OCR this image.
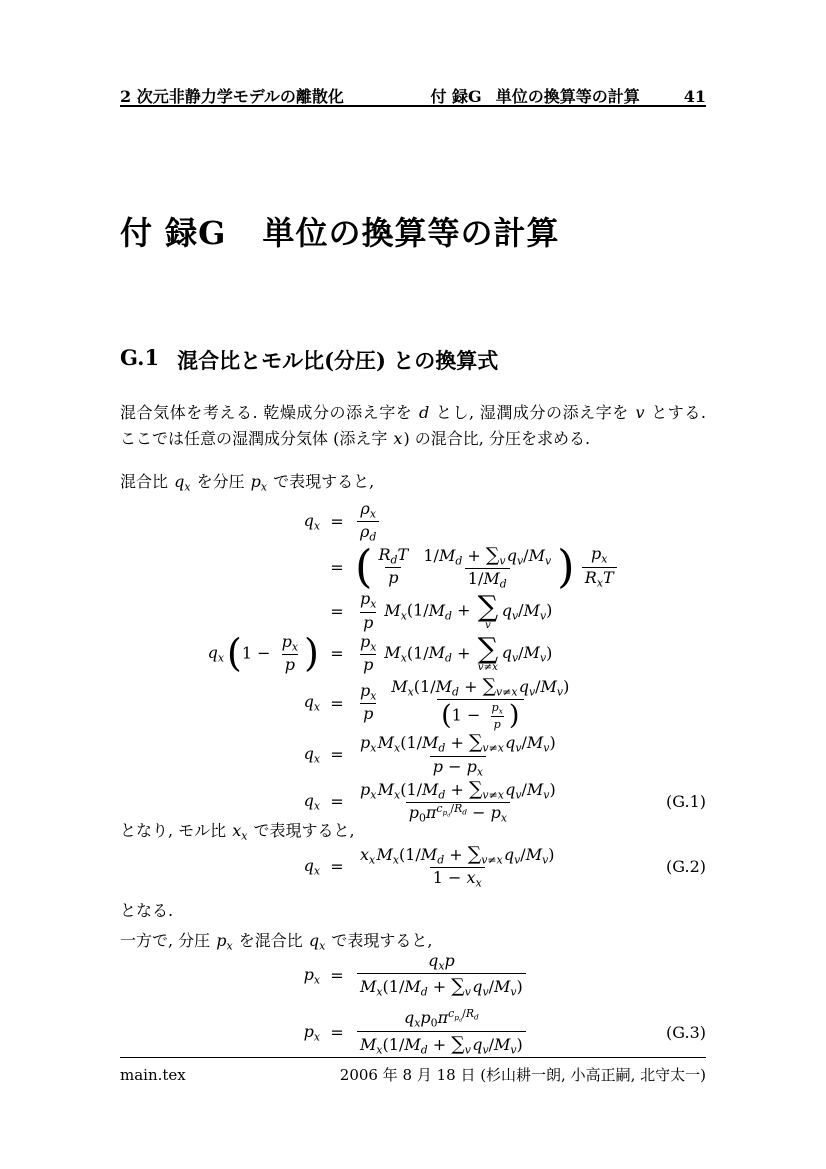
2 次元非静力学モデルの離散化	付 録G 単位の換算等の計算	41
付 録G 単位の換算等の計算
G.1 混合比とモル比(分圧) との換算式

混合気体を考える. 乾燥成分の添え字を d とし, 湿潤成分の添え字を v とする. ここでは任意の湿潤成分気体 (添え字 x) の混合比, 分圧を求める.

混合比 $q_x$ を分圧 $p_x$ で表現すると,

$q_x = \frac{\rho_x}{\rho_d}$
= ( $R_dT$
p
$1/M_d + \sum_vq_v/M_v$
$1/M_d$ ) $p_x$
$R_xT$
= $\frac{p_x}{p} M_x(1/M_d$ + ∑
v
$q_v/M_v$)
$q_x$ ( $1 - \frac{p_x}{p}$ ) = $\frac{p_x}{p} M_x(1/M_d$ + ∑
v≠x
$q_v/M_v$)
$q_x = \frac{p_x}{p} M_x(1/M_d + \sum_{v\ne x}q_v/M_v)$
( $1 - \frac{p_x}{p}$ )
$q_x$ =
$p_xM_x(1/M_d + \sum_{v\ne x}q_v/M_v)$
$p - p_x$
$q_x$ =
$p_xM_x(1/M_d + \sum_{v\ne x}q_v/M_v)$
$p_0\pi^{c_{p_d}/R_d} - p_x$
(G.1)

となり, モル比 $x_x$ で表現すると,

$q_x$ =
$x_xM_x(1/M_d + \sum_{v\ne x}q_v/M_v)$
$1 - x_x$
(G.2)

となる.

一方で, 分圧 $p_x$ を混合比 $q_x$ で表現すると,

$p_x$ =
$q_xp$
$M_x(1/M_d + \sum_vq_v/M_v)$
$p_x$ =
$q_xp_0\pi^{c_{p_d}/R_d}$
$M_x(1/M_d + \sum_vq_v/M_v)$
(G.3)
main.tex	2006 年 8 月 18 日 (杉山耕一朗, 小高正嗣, 北守太一)
